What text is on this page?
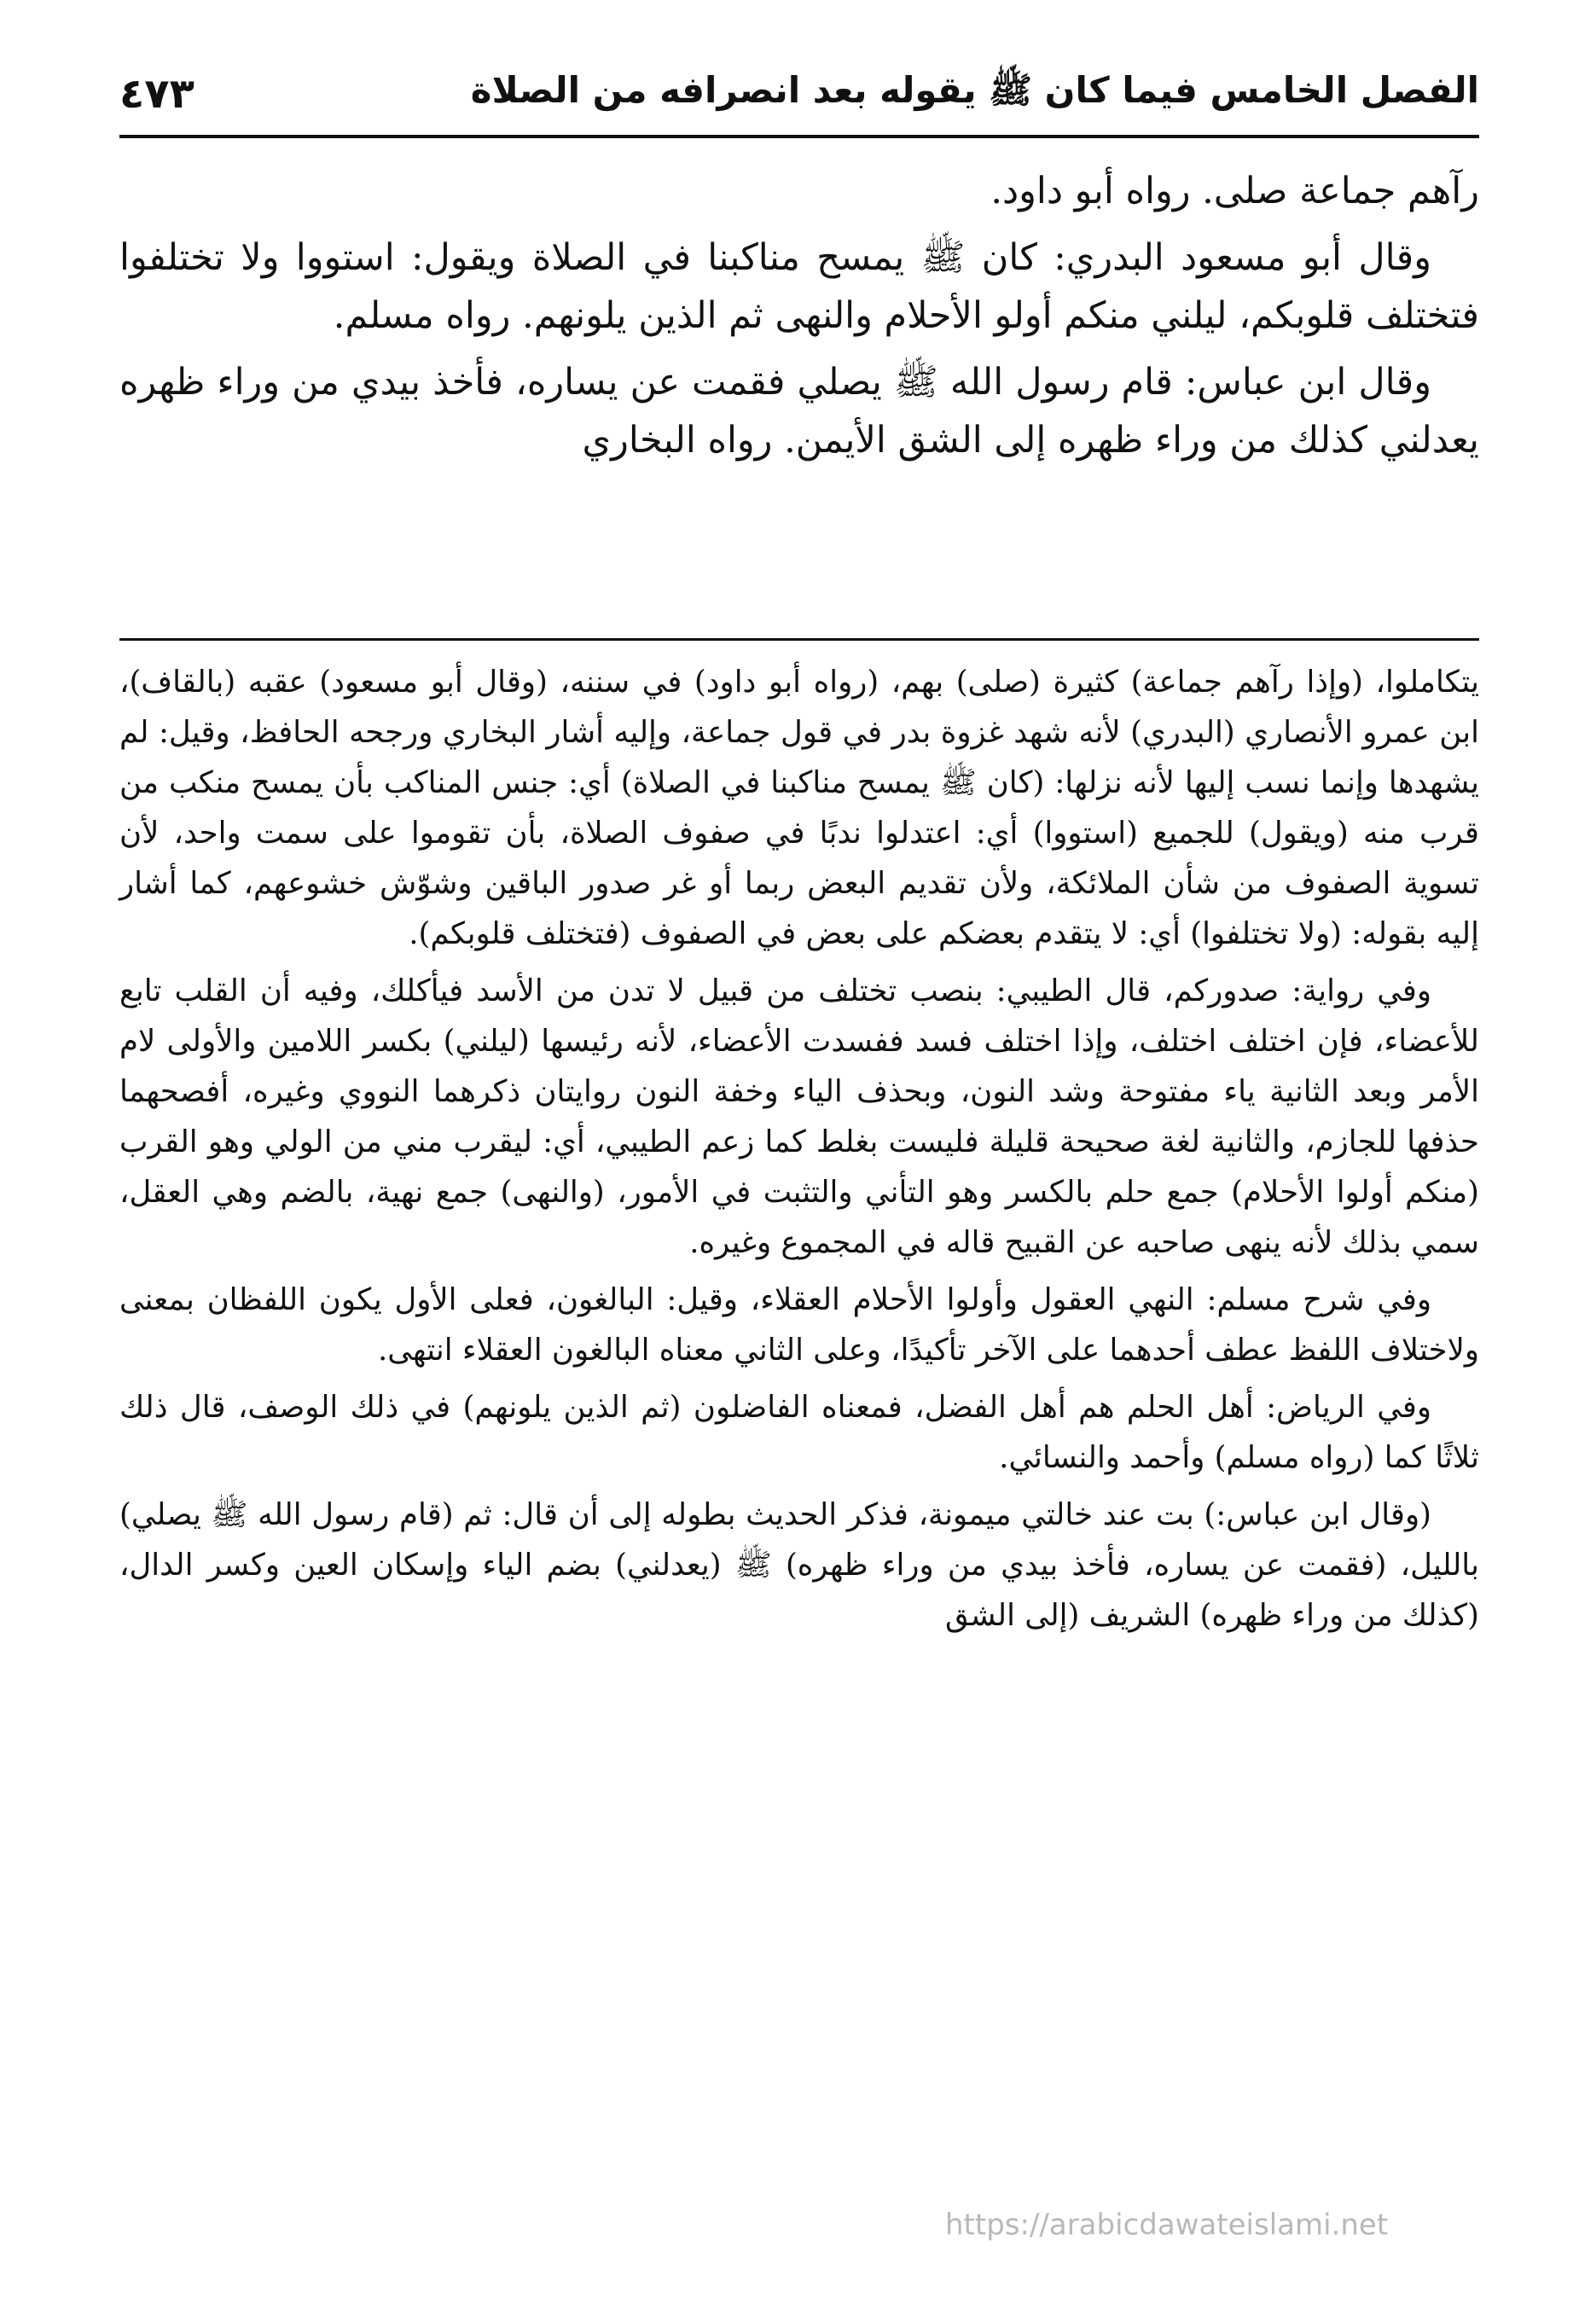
الفصل الخامس فيما كان ﷺ يقوله بعد انصرافه من الصلاة
٤٧٣

رآهم جماعة صلى. رواه أبو داود.

وقال أبو مسعود البدري: كان ﷺ يمسح مناكبنا في الصلاة ويقول: استووا ولا تختلفوا فتختلف قلوبكم، ليلني منكم أولو الأحلام والنهى ثم الذين يلونهم. رواه مسلم.

وقال ابن عباس: قام رسول الله ﷺ يصلي فقمت عن يساره، فأخذ بيدي من وراء ظهره يعدلني كذلك من وراء ظهره إلى الشق الأيمن. رواه البخاري

يتكاملوا، (وإذا رآهم جماعة) كثيرة (صلى) بهم، (رواه أبو داود) في سننه، (وقال أبو مسعود) عقبه (بالقاف)، ابن عمرو الأنصاري (البدري) لأنه شهد غزوة بدر في قول جماعة، وإليه أشار البخاري ورجحه الحافظ، وقيل: لم يشهدها وإنما نسب إليها لأنه نزلها: (كان ﷺ يمسح مناكبنا في الصلاة) أي: جنس المناكب بأن يمسح منكب من قرب منه (ويقول) للجميع (استووا) أي: اعتدلوا ندبًا في صفوف الصلاة، بأن تقوموا على سمت واحد، لأن تسوية الصفوف من شأن الملائكة، ولأن تقديم البعض ربما أو غر صدور الباقين وشوّش خشوعهم، كما أشار إليه بقوله: (ولا تختلفوا) أي: لا يتقدم بعضكم على بعض في الصفوف (فتختلف قلوبكم).

وفي رواية: صدوركم، قال الطيبي: بنصب تختلف من قبيل لا تدن من الأسد فيأكلك، وفيه أن القلب تابع للأعضاء، فإن اختلف اختلف، وإذا اختلف فسد ففسدت الأعضاء، لأنه رئيسها (ليلني) بكسر اللامين والأولى لام الأمر وبعد الثانية ياء مفتوحة وشد النون، وبحذف الياء وخفة النون روايتان ذكرهما النووي وغيره، أفصحهما حذفها للجازم، والثانية لغة صحيحة قليلة فليست بغلط كما زعم الطيبي، أي: ليقرب مني من الولي وهو القرب (منكم أولوا الأحلام) جمع حلم بالكسر وهو التأني والتثبت في الأمور، (والنهى) جمع نهية، بالضم وهي العقل، سمي بذلك لأنه ينهى صاحبه عن القبيح قاله في المجموع وغيره.

وفي شرح مسلم: النهي العقول وأولوا الأحلام العقلاء، وقيل: البالغون، فعلى الأول يكون اللفظان بمعنى ولاختلاف اللفظ عطف أحدهما على الآخر تأكيدًا، وعلى الثاني معناه البالغون العقلاء انتهى.

وفي الرياض: أهل الحلم هم أهل الفضل، فمعناه الفاضلون (ثم الذين يلونهم) في ذلك الوصف، قال ذلك ثلاثًا كما (رواه مسلم) وأحمد والنسائي.

(وقال ابن عباس:) بت عند خالتي ميمونة، فذكر الحديث بطوله إلى أن قال: ثم (قام رسول الله ﷺ يصلي) بالليل، (فقمت عن يساره، فأخذ بيدي من وراء ظهره) ﷺ (يعدلني) بضم الياء وإسكان العين وكسر الدال، (كذلك من وراء ظهره) الشريف (إلى الشق

https://arabicdawateislami.net
